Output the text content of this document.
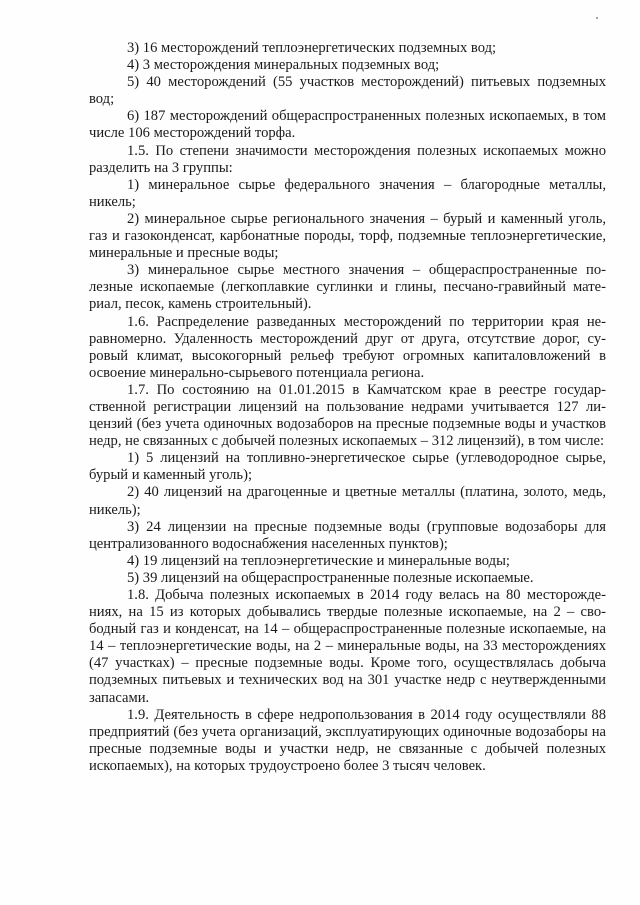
3) 16 месторождений теплоэнергетических подземных вод;

4) 3 месторождения минеральных подземных вод;

5) 40 месторождений (55 участков месторождений) питьевых подземных вод;

6) 187 месторождений общераспространенных полезных ископаемых, в том числе 106 месторождений торфа.

1.5. По степени значимости месторождения полезных ископаемых можно разделить на 3 группы:

1) минеральное сырье федерального значения – благородные металлы, никель;

2) минеральное сырье регионального значения – бурый и каменный уголь, газ и газоконденсат, карбонатные породы, торф, подземные теплоэнергетические, минеральные и пресные воды;

3) минеральное сырье местного значения – общераспространенные полезные ископаемые (легкоплавкие суглинки и глины, песчано-гравийный материал, песок, камень строительный).

1.6. Распределение разведанных месторождений по территории края неравномерно. Удаленность месторождений друг от друга, отсутствие дорог, суровый климат, высокогорный рельеф требуют огромных капиталовложений в освоение минерально-сырьевого потенциала региона.

1.7. По состоянию на 01.01.2015 в Камчатском крае в реестре государственной регистрации лицензий на пользование недрами учитывается 127 лицензий (без учета одиночных водозаборов на пресные подземные воды и участков недр, не связанных с добычей полезных ископаемых – 312 лицензий), в том числе:

1) 5 лицензий на топливно-энергетическое сырье (углеводородное сырье, бурый и каменный уголь);

2) 40 лицензий на драгоценные и цветные металлы (платина, золото, медь, никель);

3) 24 лицензии на пресные подземные воды (групповые водозаборы для централизованного водоснабжения населенных пунктов);

4) 19 лицензий на теплоэнергетические и минеральные воды;

5) 39 лицензий на общераспространенные полезные ископаемые.

1.8. Добыча полезных ископаемых в 2014 году велась на 80 месторождениях, на 15 из которых добывались твердые полезные ископаемые, на 2 – свободный газ и конденсат, на 14 – общераспространенные полезные ископаемые, на 14 – теплоэнергетические воды, на 2 – минеральные воды, на 33 месторождениях (47 участках) – пресные подземные воды. Кроме того, осуществлялась добыча подземных питьевых и технических вод на 301 участке недр с неутвержденными запасами.

1.9. Деятельность в сфере недропользования в 2014 году осуществляли 88 предприятий (без учета организаций, эксплуатирующих одиночные водозаборы на пресные подземные воды и участки недр, не связанные с добычей полезных ископаемых), на которых трудоустроено более 3 тысяч человек.
